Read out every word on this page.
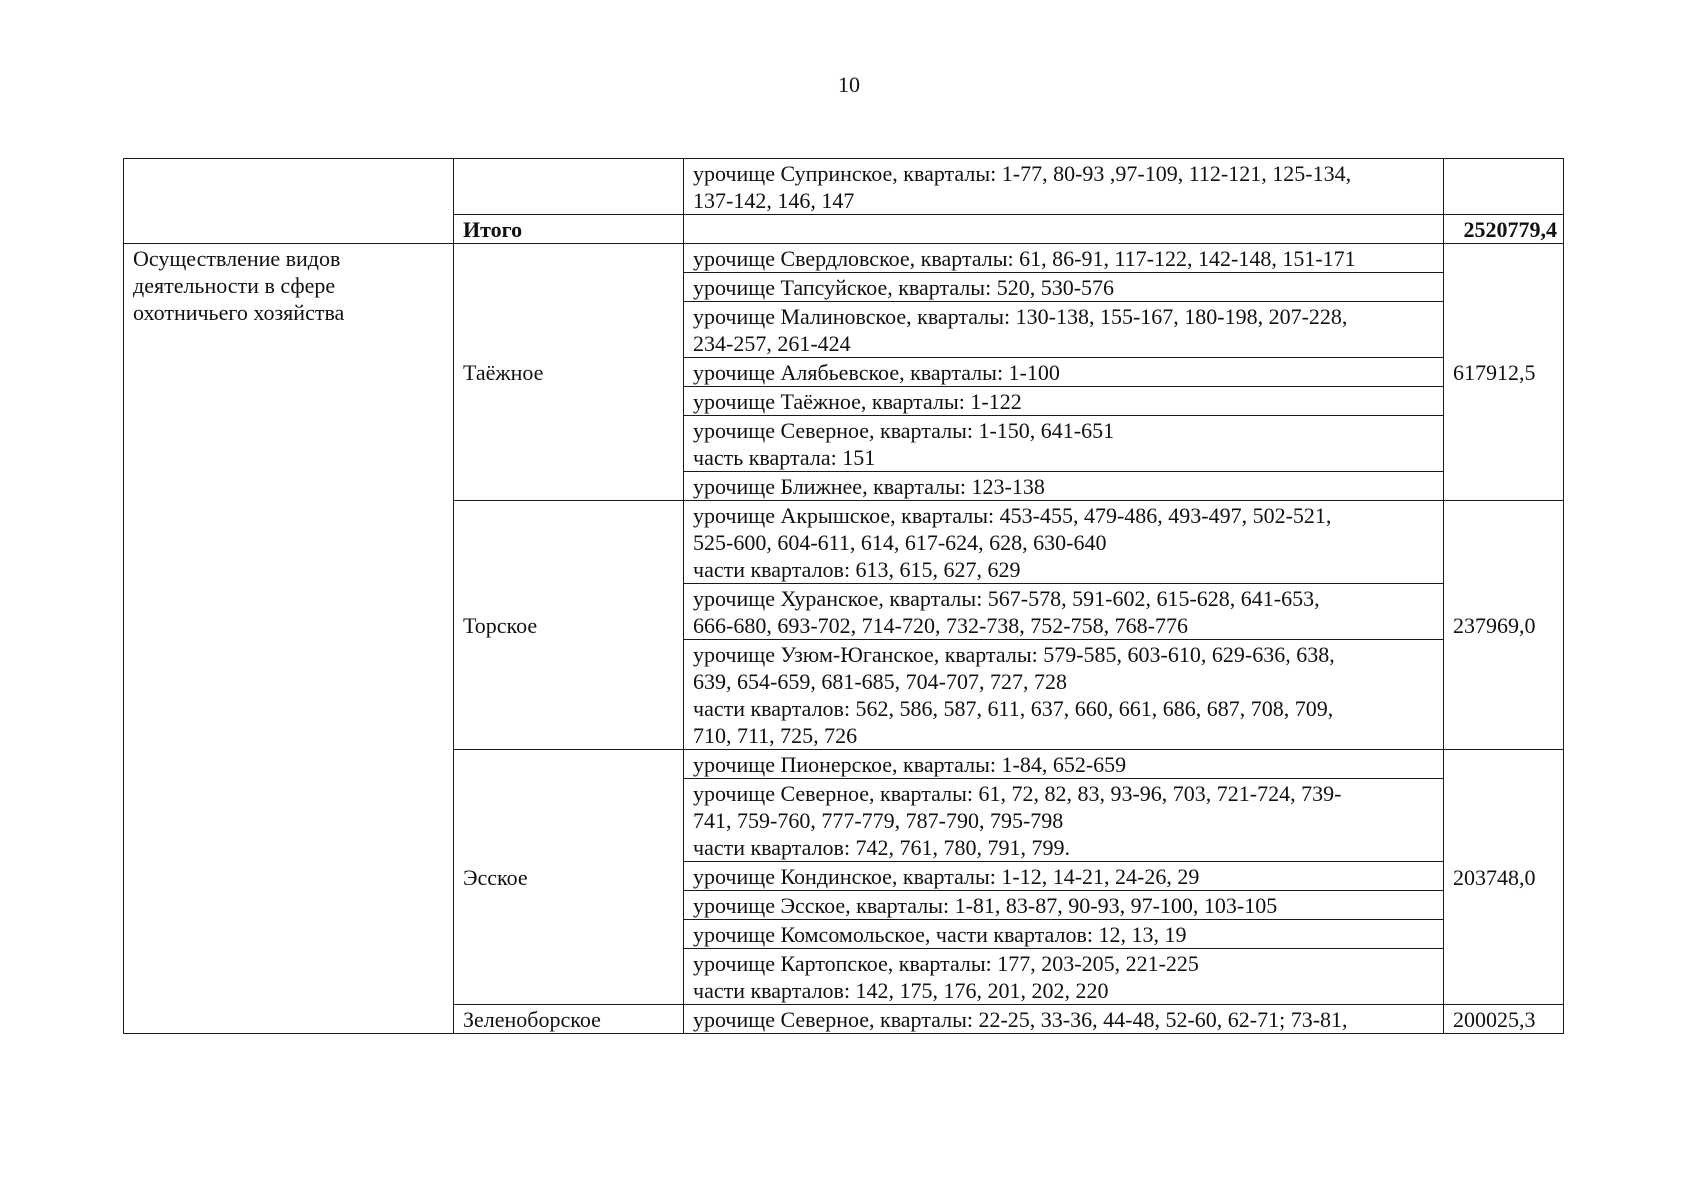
10

		урочище Супринское, кварталы: 1-77, 80-93 ,97-109, 112-121, 125-134,
137-142, 146, 147	

	Итого		2520779,4

Осуществление видов
деятельности в сфере
охотничьего хозяйства	Таёжное	урочище Свердловское, кварталы: 61, 86-91, 117-122, 142-148, 151-171	617912,5

		урочище Тапсуйское, кварталы: 520, 530-576	

		урочище Малиновское, кварталы: 130-138, 155-167, 180-198, 207-228,
234-257, 261-424	

		урочище Алябьевское, кварталы: 1-100	

		урочище Таёжное, кварталы: 1-122	

		урочище Северное, кварталы: 1-150, 641-651
часть квартала: 151	

		урочище Ближнее, кварталы: 123-138	

	Торское	урочище Акрышское, кварталы: 453-455, 479-486, 493-497, 502-521,
525-600, 604-611, 614, 617-624, 628, 630-640
части кварталов: 613, 615, 627, 629	237969,0

		урочище Хуранское, кварталы: 567-578, 591-602, 615-628, 641-653,
666-680, 693-702, 714-720, 732-738, 752-758, 768-776	

		урочище Узюм-Юганское, кварталы: 579-585, 603-610, 629-636, 638,
639, 654-659, 681-685, 704-707, 727, 728
части кварталов: 562, 586, 587, 611, 637, 660, 661, 686, 687, 708, 709,
710, 711, 725, 726	

	Эсское	урочище Пионерское, кварталы: 1-84, 652-659	203748,0

		урочище Северное, кварталы: 61, 72, 82, 83, 93-96, 703, 721-724, 739-
741, 759-760, 777-779, 787-790, 795-798
части кварталов: 742, 761, 780, 791, 799.	

		урочище Кондинское, кварталы: 1-12, 14-21, 24-26, 29	

		урочище Эсское, кварталы: 1-81, 83-87, 90-93, 97-100, 103-105	

		урочище Комсомольское, части кварталов: 12, 13, 19	

		урочище Картопское, кварталы: 177, 203-205, 221-225
части кварталов: 142, 175, 176, 201, 202, 220	

	Зеленоборское	урочище Северное, кварталы: 22-25, 33-36, 44-48, 52-60, 62-71; 73-81,	200025,3
